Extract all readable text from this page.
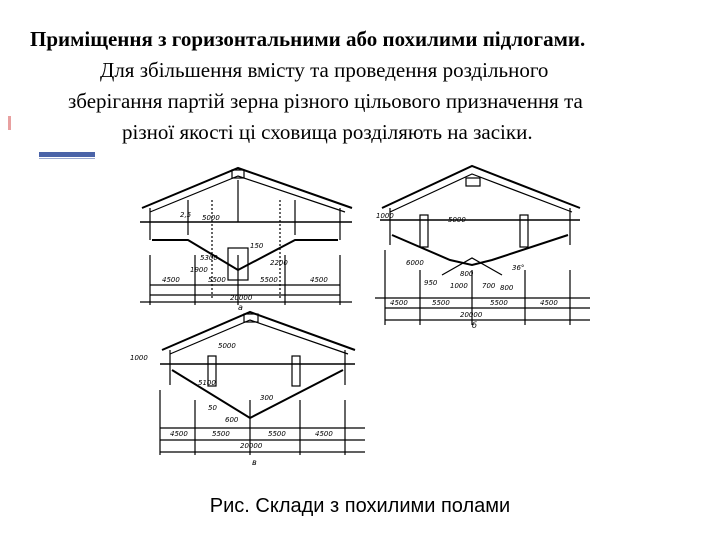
Приміщення з горизонтальними або похилими підлогами.
Для збільшення вмісту та проведення роздільного
зберігання партій зерна різного цільового призначення та
різної якості ці сховища розділяють на засіки.

4500	5500	5500	4500
20000
1900
5000
5300
150
2200
2,5
а	4500	5500	5500	4500
20000
1000	5000
6000
950 1000 700 800
800
36°
б
4500	5500	5500	4500
20000
1000
5000
5100
50
300
600
в
Рис. Склади з похилими полами
